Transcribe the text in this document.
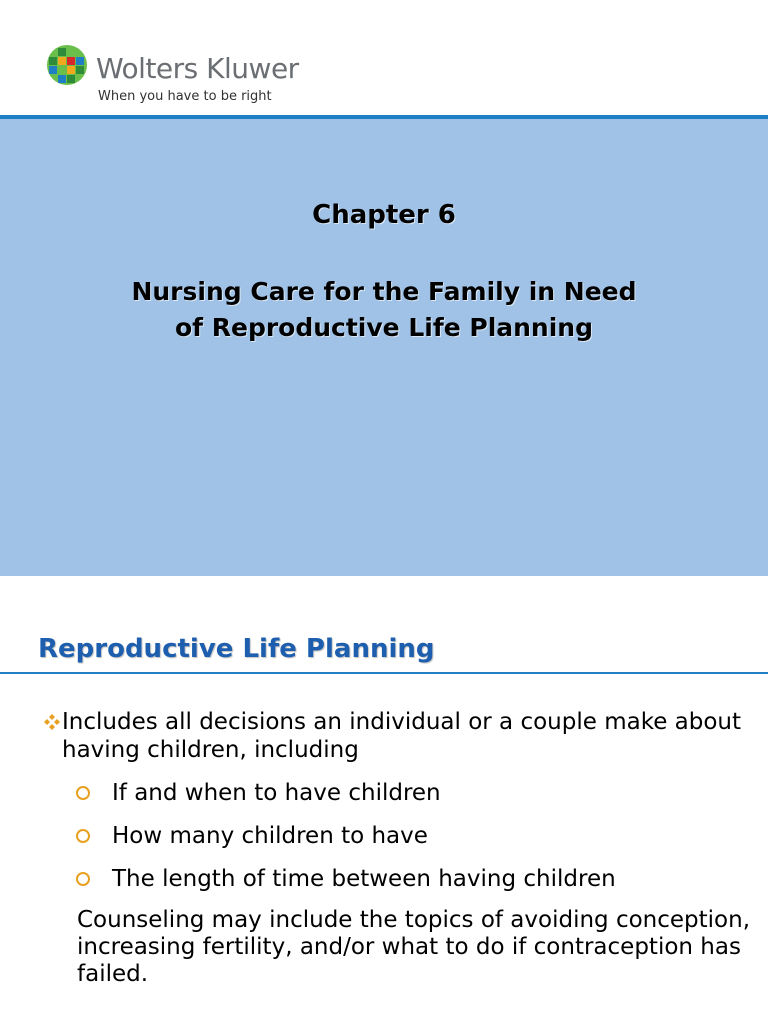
Wolters Kluwer
When you have to be right
Chapter 6
Nursing Care for the Family in Need of Reproductive Life Planning
Reproductive Life Planning
Includes all decisions an individual or a couple make about having children, including
If and when to have children
How many children to have
The length of time between having children
Counseling may include the topics of avoiding conception, increasing fertility, and/or what to do if contraception has failed.
